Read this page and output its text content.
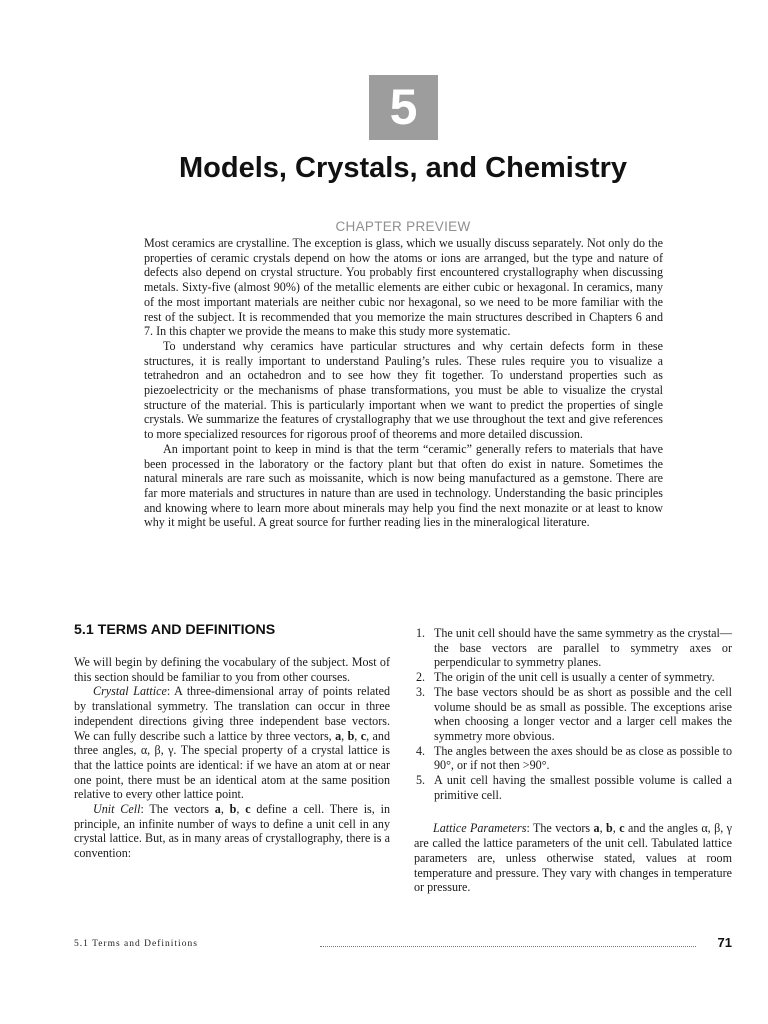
5
Models, Crystals, and Chemistry
CHAPTER PREVIEW

Most ceramics are crystalline. The exception is glass, which we usually discuss separately. Not only do the properties of ceramic crystals depend on how the atoms or ions are arranged, but the type and nature of defects also depend on crystal structure. You probably first encountered crystallography when discussing metals. Sixty-five (almost 90%) of the metallic elements are either cubic or hexagonal. In ceramics, many of the most important materials are neither cubic nor hexagonal, so we need to be more familiar with the rest of the subject. It is recommended that you memorize the main structures described in Chapters 6 and 7. In this chapter we provide the means to make this study more systematic.

To understand why ceramics have particular structures and why certain defects form in these structures, it is really important to understand Pauling’s rules. These rules require you to visualize a tetrahedron and an octahedron and to see how they fit together. To understand properties such as piezoelectricity or the mechanisms of phase transformations, you must be able to visualize the crystal structure of the material. This is particularly important when we want to predict the properties of single crystals. We summarize the features of crystallography that we use throughout the text and give references to more specialized resources for rigorous proof of theorems and more detailed discussion.

An important point to keep in mind is that the term “ceramic” generally refers to materials that have been processed in the laboratory or the factory plant but that often do exist in nature. Sometimes the natural minerals are rare such as moissanite, which is now being manufactured as a gemstone. There are far more materials and structures in nature than are used in technology. Understanding the basic principles and knowing where to learn more about minerals may help you find the next monazite or at least to know why it might be useful. A great source for further reading lies in the mineralogical literature.

5.1 TERMS AND DEFINITIONS

We will begin by defining the vocabulary of the subject. Most of this section should be familiar to you from other courses.

Crystal Lattice: A three-dimensional array of points related by translational symmetry. The translation can occur in three independent directions giving three independent base vectors. We can fully describe such a lattice by three vectors, a, b, c, and three angles, α, β, γ. The special property of a crystal lattice is that the lattice points are identical: if we have an atom at or near one point, there must be an identical atom at the same position relative to every other lattice point.

Unit Cell: The vectors a, b, c define a cell. There is, in principle, an infinite number of ways to define a unit cell in any crystal lattice. But, as in many areas of crystallography, there is a convention:

1. The unit cell should have the same symmetry as the crystal—the base vectors are parallel to symmetry axes or perpendicular to symmetry planes.
2. The origin of the unit cell is usually a center of symmetry.
3. The base vectors should be as short as possible and the cell volume should be as small as possible. The exceptions arise when choosing a longer vector and a larger cell makes the symmetry more obvious.
4. The angles between the axes should be as close as possible to 90°, or if not then >90°.
5. A unit cell having the smallest possible volume is called a primitive cell.

Lattice Parameters: The vectors a, b, c and the angles α, β, γ are called the lattice parameters of the unit cell. Tabulated lattice parameters are, unless otherwise stated, values at room temperature and pressure. They vary with changes in temperature or pressure.

5.1 Terms and Definitions	71
